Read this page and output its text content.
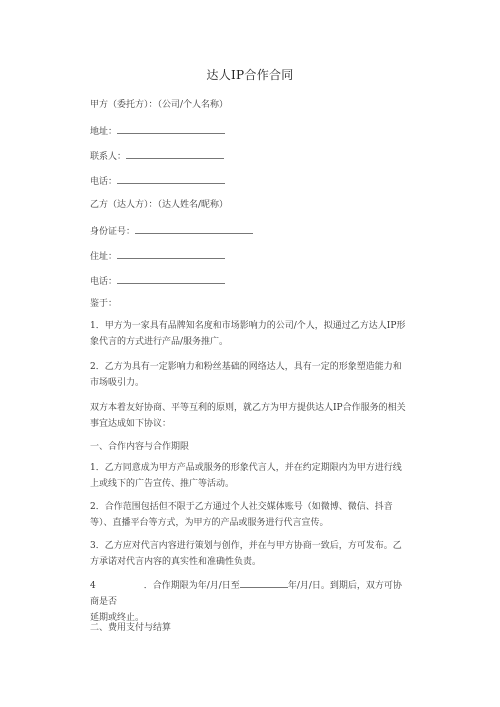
达人IP合作合同
甲方（委托方）：（公司/个人名称）
地址：
联系人：
电话：
乙方（达人方）：（达人姓名/昵称）
身份证号：
住址：
电话：
鉴于：
1．甲方为一家具有品牌知名度和市场影响力的公司/个人，拟通过乙方达人IP形象代言的方式进行产品/服务推广。
2．乙方为具有一定影响力和粉丝基础的网络达人，具有一定的形象塑造能力和市场吸引力。
双方本着友好协商、平等互利的原则，就乙方为甲方提供达人IP合作服务的相关事宜达成如下协议：
一、合作内容与合作期限
1．乙方同意成为甲方产品或服务的形象代言人，并在约定期限内为甲方进行线上或线下的广告宣传、推广等活动。
2．合作范围包括但不限于乙方通过个人社交媒体账号（如微博、微信、抖音等）、直播平台等方式，为甲方的产品或服务进行代言宣传。
3．乙方应对代言内容进行策划与创作，并在与甲方协商一致后，方可发布。乙方承诺对代言内容的真实性和准确性负责。
4	．合作期限为年/月/日至	年/月/日。到期后，双方可协商是否
延期或终止。
二、费用支付与结算
